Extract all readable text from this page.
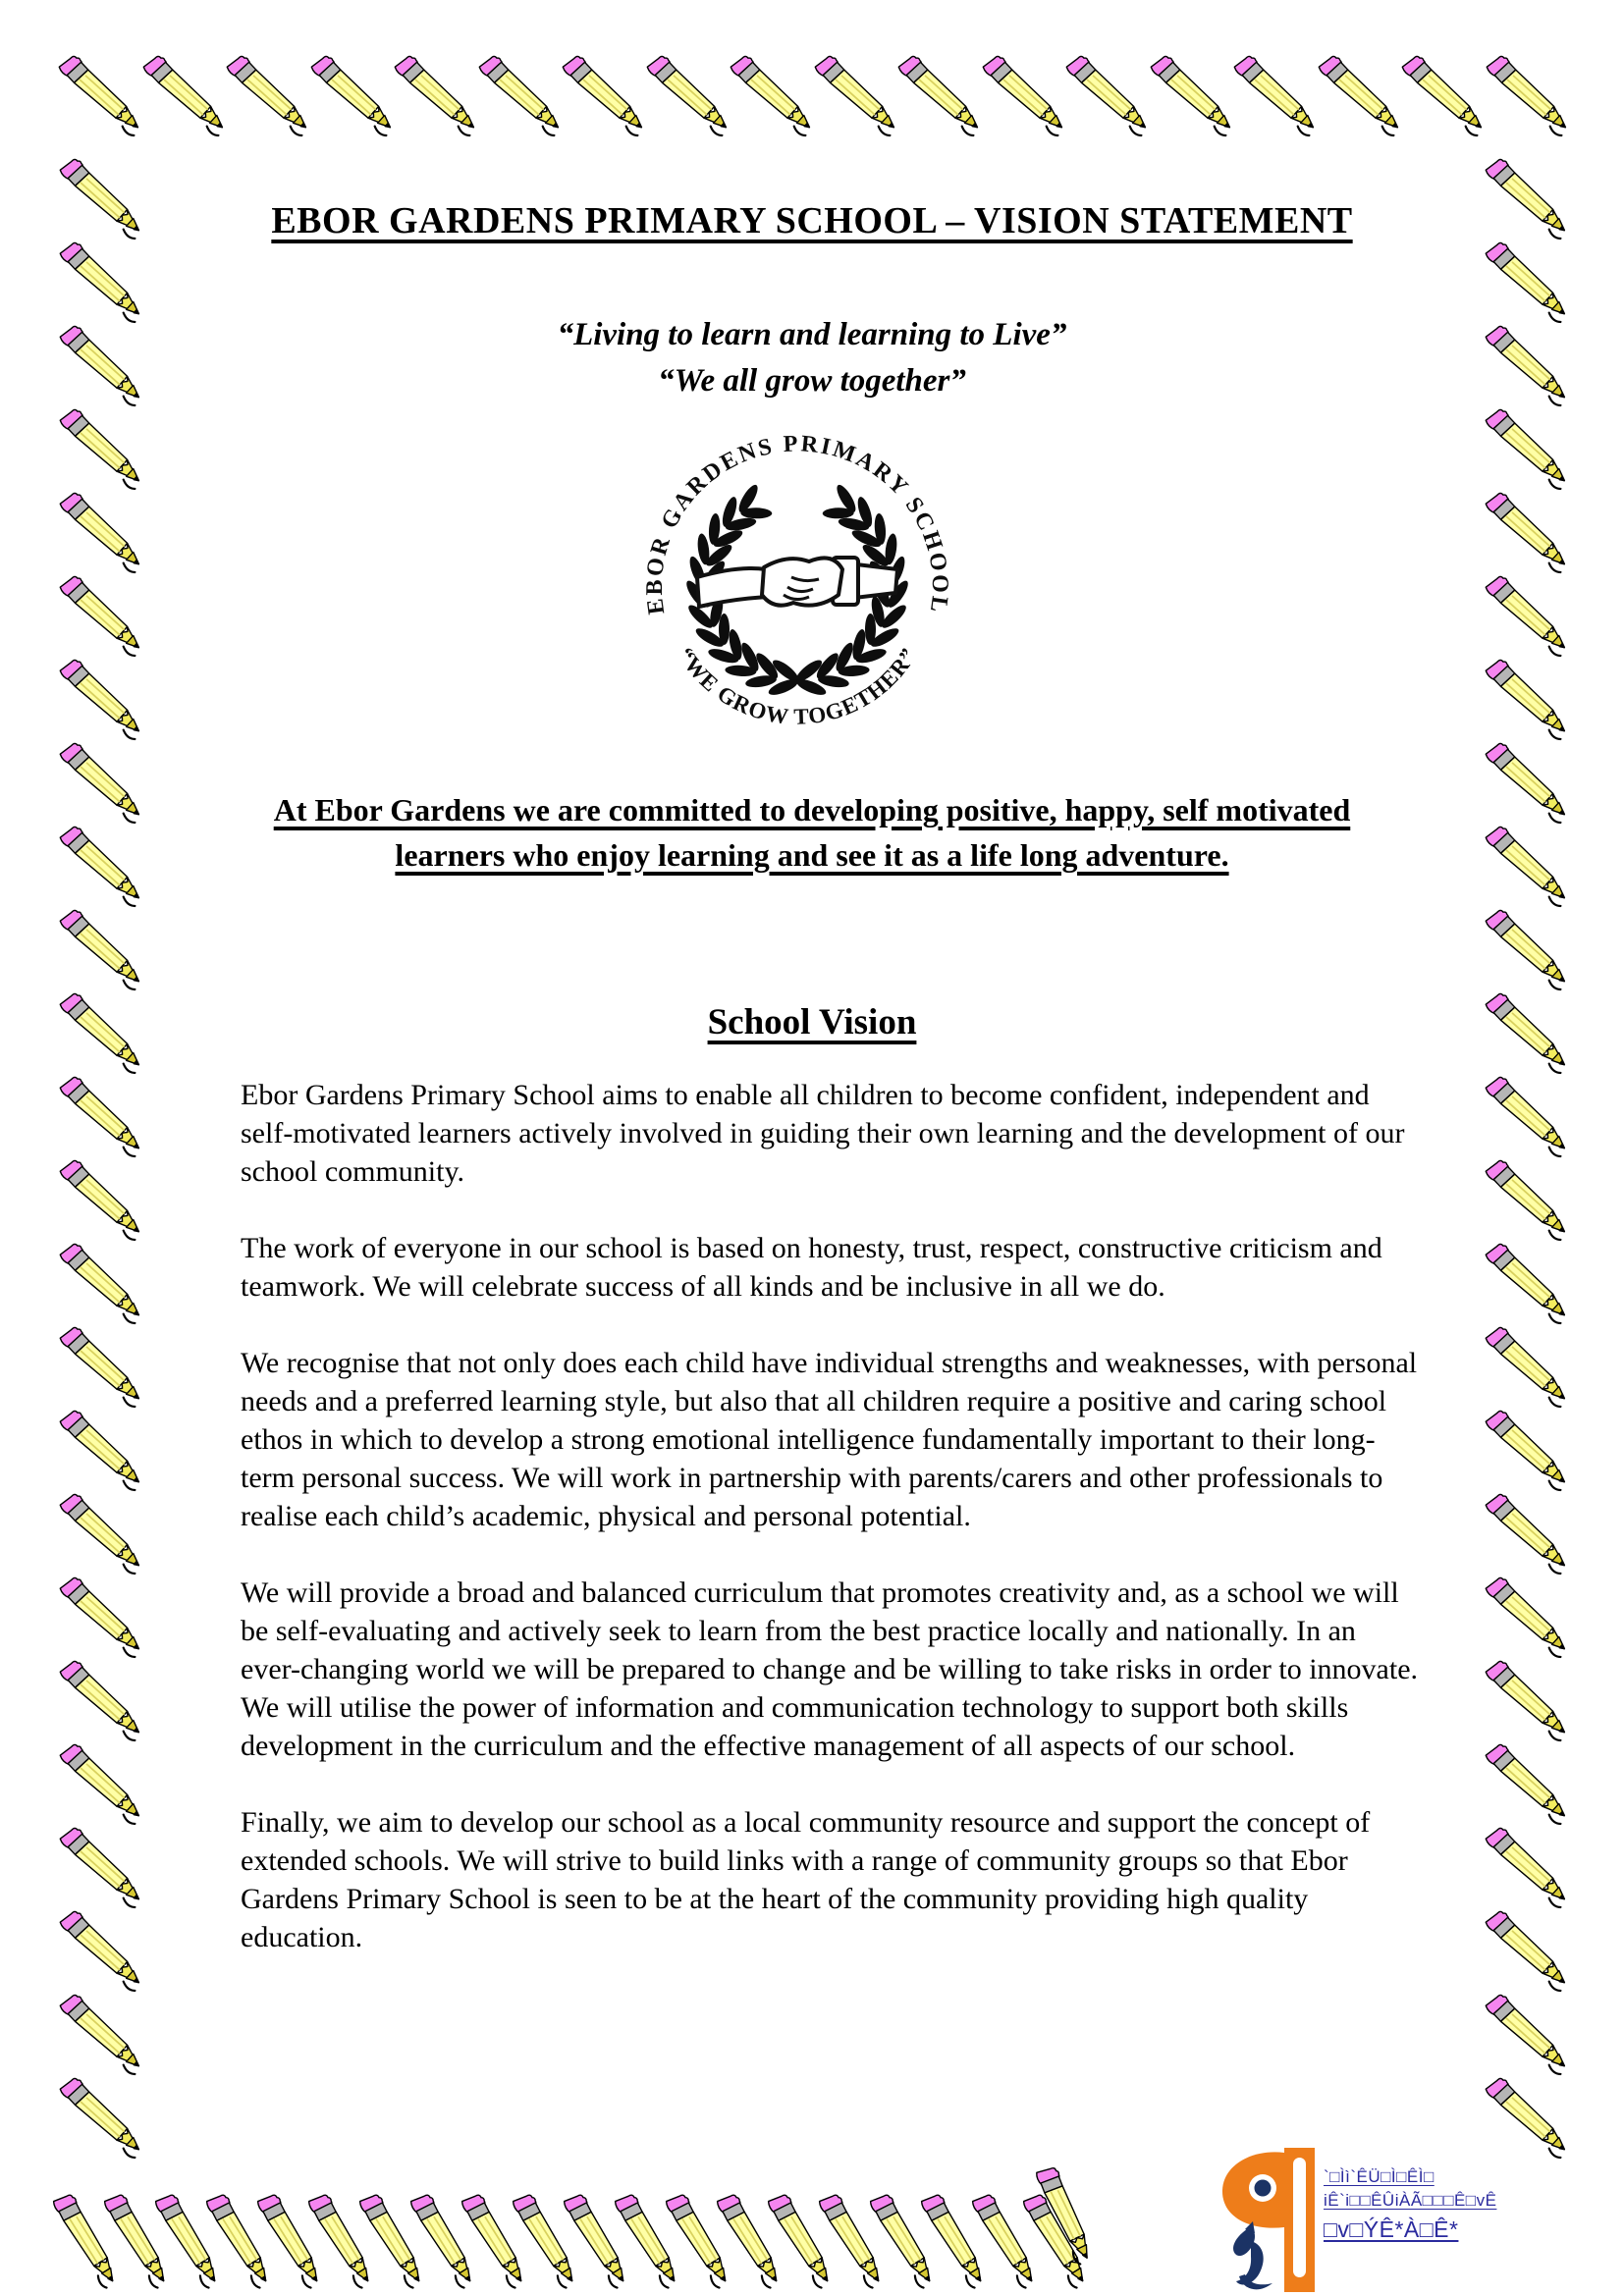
EBOR GARDENS PRIMARY SCHOOL – VISION STATEMENT
“Living to learn and learning to Live”
“We all grow together”
EBOR GARDENS PRIMARY SCHOOL
“WE GROW TOGETHER”
At Ebor Gardens we are committed to developing positive, happy, self motivated
learners who enjoy learning and see it as a life long adventure.
School Vision

Ebor Gardens Primary School aims to enable all children to become confident, independent and self-motivated learners actively involved in guiding their own learning and the development of our school community.

The work of everyone in our school is based on honesty, trust, respect, constructive criticism and teamwork. We will celebrate success of all kinds and be inclusive in all we do.

We recognise that not only does each child have individual strengths and weaknesses, with personal needs and a preferred learning style, but also that all children require a positive and caring school ethos in which to develop a strong emotional intelligence fundamentally important to their long-term personal success. We will work in partnership with parents/carers and other professionals to realise each child’s academic, physical and personal potential.

We will provide a broad and balanced curriculum that promotes creativity and, as a school we will be self-evaluating and actively seek to learn from the best practice locally and nationally. In an ever-changing world we will be prepared to change and be willing to take risks in order to innovate. We will utilise the power of information and communication technology to support both skills development in the curriculum and the effective management of all aspects of our school.

Finally, we aim to develop our school as a local community resource and support the concept of extended schools. We will strive to build links with a range of community groups so that Ebor Gardens Primary School is seen to be at the heart of the community providing high quality education.

`□Ìì`ÊÜ□Ì□ÊÌ□
iÊ`i□□ÊÛiÀÃ□□□Ê□vÊ
□v□ÝÊ*À□Ê*
